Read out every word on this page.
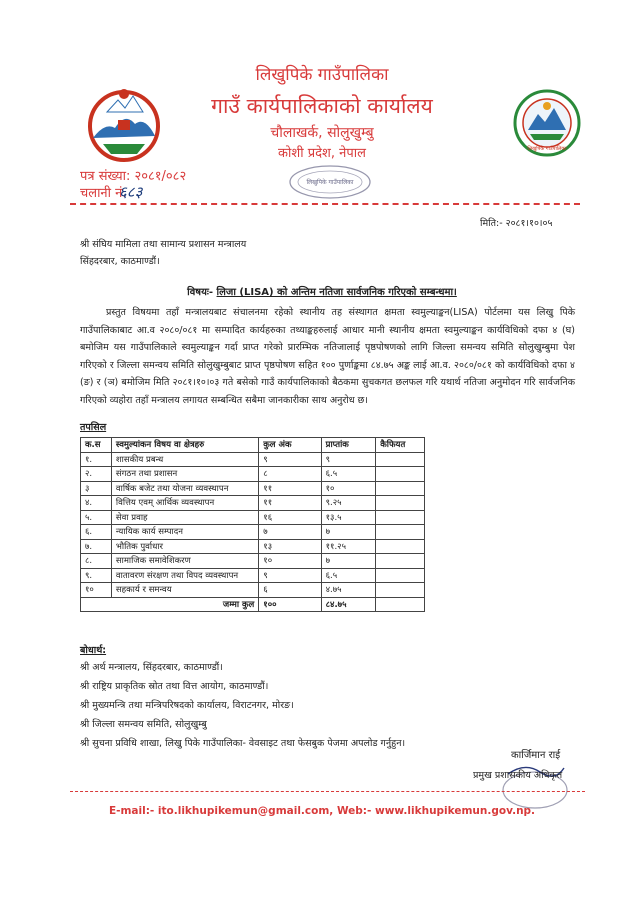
लिखुपिके गाउँपालिका
लिखुपिके गाउँपालिका
गाउँ कार्यपालिकाको कार्यालय
चौलाखर्क, सोलुखुम्बु
कोशी प्रदेश, नेपाल
पत्र संख्या: २०८१/०८२
चलानी नं.
६८३
लिखुपिके गाउँपालिका
मिति:- २०८१।१०।०५
श्री संघिय मामिला तथा सामान्य प्रशासन मन्त्रालय
सिंहदरबार, काठमाण्डौं।
विषयः- लिजा (LISA) को अन्तिम नतिजा सार्वजनिक गरिएको सम्बन्धमा।
प्रस्तुत विषयमा तहाँ मन्त्रालयबाट संचालनमा रहेको स्थानीय तह संस्थागत क्षमता स्वमुल्याङ्कन(LISA) पोर्टलमा यस लिखु पिके गाउँपालिकाबाट आ.व २०८०/०८१ मा सम्पादित कार्यहरुका तथ्याङ्कहरुलाई आधार मानी स्थानीय क्षमता स्वमुल्याङ्कन कार्यविधिको दफा ४ (घ) बमोजिम यस गाउँपालिकाले स्वमुल्याङ्कन गर्दा प्राप्त गरेको प्रारम्भिक नतिजालाई पृष्ठपोषणको लागि जिल्ला समन्वय समिति सोलुखुम्बुमा पेश गरिएको र जिल्ला समन्वय समिति सोलुखुम्बुबाट प्राप्त पृष्ठपोषण सहित १०० पुर्णाङ्कमा ८४.७५ अङ्क लाई आ.व. २०८०/०८१ को कार्यविधिको दफा ४ (ङ) र (ञ) बमोजिम मिति २०८१।१०।०३ गते बसेको गाउँ कार्यपालिकाको बैठकमा सुचकगत छलफल गरि यथार्थ नतिजा अनुमोदन गरि सार्वजनिक गरिएको व्यहोरा तहाँ मन्त्रालय लगायत सम्बन्धित सबैमा जानकारीका साथ अनुरोध छ।
तपसिल
क.स	स्वमुल्यांकन विषय वा क्षेत्रहरु	कुल अंक	प्राप्तांक	कैफियत
१.	शासकीय प्रबन्ध	९	९	
२.	संगठन तथा प्रशासन	८	६.५	
३	वार्षिक बजेट तथा योजना व्यवस्थापन	११	१०	
४.	वित्तिय एवम् आर्थिक व्यवस्थापन	११	९.२५	
५.	सेवा प्रवाह	१६	१३.५	
६.	न्यायिक कार्य सम्पादन	७	७	
७.	भौतिक पुर्वाधार	१३	११.२५	
८.	सामाजिक समावेशिकरण	१०	७	
९.	वातावरण संरक्षण तथा विपद व्यवस्थापन	९	६.५	
१०	सहकार्य र समन्वय	६	४.७५	
जम्मा कुल		१००	८४.७५	
बोधार्थ:
श्री अर्थ मन्त्रालय, सिंहदरबार, काठमाण्डौं।
श्री राष्ट्रिय प्राकृतिक स्रोत तथा वित्त आयोग, काठमाण्डौं।
श्री मुख्यमन्त्रि तथा मन्त्रिपरिषदको कार्यालय, विराटनगर, मोरङ।
श्री जिल्ला समन्वय समिति, सोलुखुम्बु
श्री सुचना प्रविधि शाखा, लिखु पिके गाउँपालिका- वेवसाइट तथा फेसबुक पेजमा अपलोड गर्नुहुन।
कार्जिमान राई
प्रमुख प्रशासकीय अधिकृत
E-mail:- ito.likhupikemun@gmail.com, Web:- www.likhupikemun.gov.np.
